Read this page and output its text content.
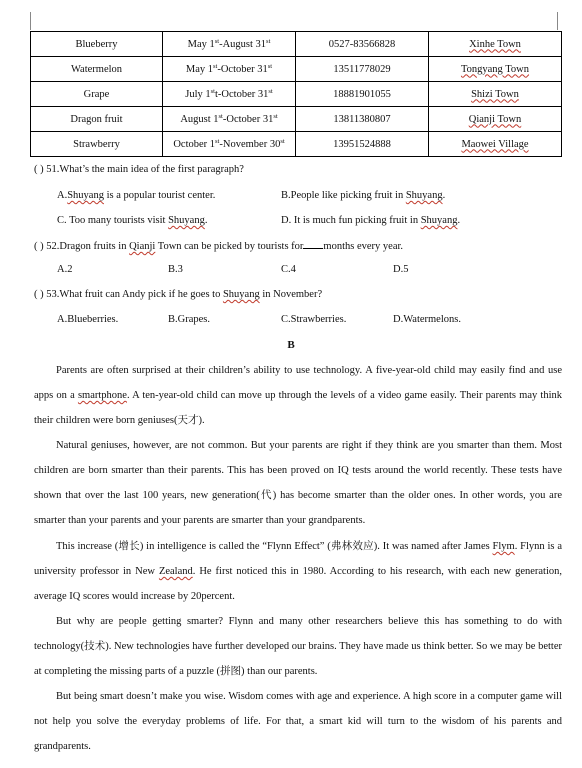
Blueberry	May 1st-August 31st	0527-83566828	Xinhe Town
Watermelon	May 1st-October 31st	13511778029	Tongyang Town
Grape	July 1stt-October 31st	18881901055	Shizi Town
Dragon fruit	August 1st-October 31st	13811380807	Qianji Town
Strawberry	October 1st-November 30st	13951524888	Maowei Village
( ) 51.What’s the main idea of the first paragraph?
A.Shuyang is a popular tourist center.	B.People like picking fruit in Shuyang.
C. Too many tourists visit Shuyang.	D. It is much fun picking fruit in Shuyang.
( ) 52.Dragon fruits in Qianji Town can be picked by tourists for months every year.
A.2	B.3	C.4	D.5
( ) 53.What fruit can Andy pick if he goes to Shuyang in November?
A.Blueberries.	B.Grapes.	C.Strawberries.	D.Watermelons.
B
Parents are often surprised at their children’s ability to use technology. A five-year-old child may easily find and use apps on a smartphone. A ten-year-old child can move up through the levels of a video game easily. Their parents may think their children were born geniuses(天才).
Natural geniuses, however, are not common. But your parents are right if they think are you smarter than them. Most children are born smarter than their parents. This has been proved on IQ tests around the world recently. These tests have shown that over the last 100 years, new generation(代) has become smarter than the older ones. In other words, you are smarter than your parents and your parents are smarter than your grandparents.
This increase (增长) in intelligence is called the “Flynn Effect” (弗林效应). It was named after James Flym. Flynn is a university professor in New Zealand. He first noticed this in 1980. According to his research, with each new generation, average IQ scores would increase by 20percent.
But why are people getting smarter? Flynn and many other researchers believe this has something to do with technology(技术). New technologies have further developed our brains. They have made us think better. So we may be better at completing the missing parts of a puzzle (拼图) than our parents.
But being smart doesn’t make you wise. Wisdom comes with age and experience. A high score in a computer game will not help you solve the everyday problems of life. For that, a smart kid will turn to the wisdom of his parents and grandparents.
